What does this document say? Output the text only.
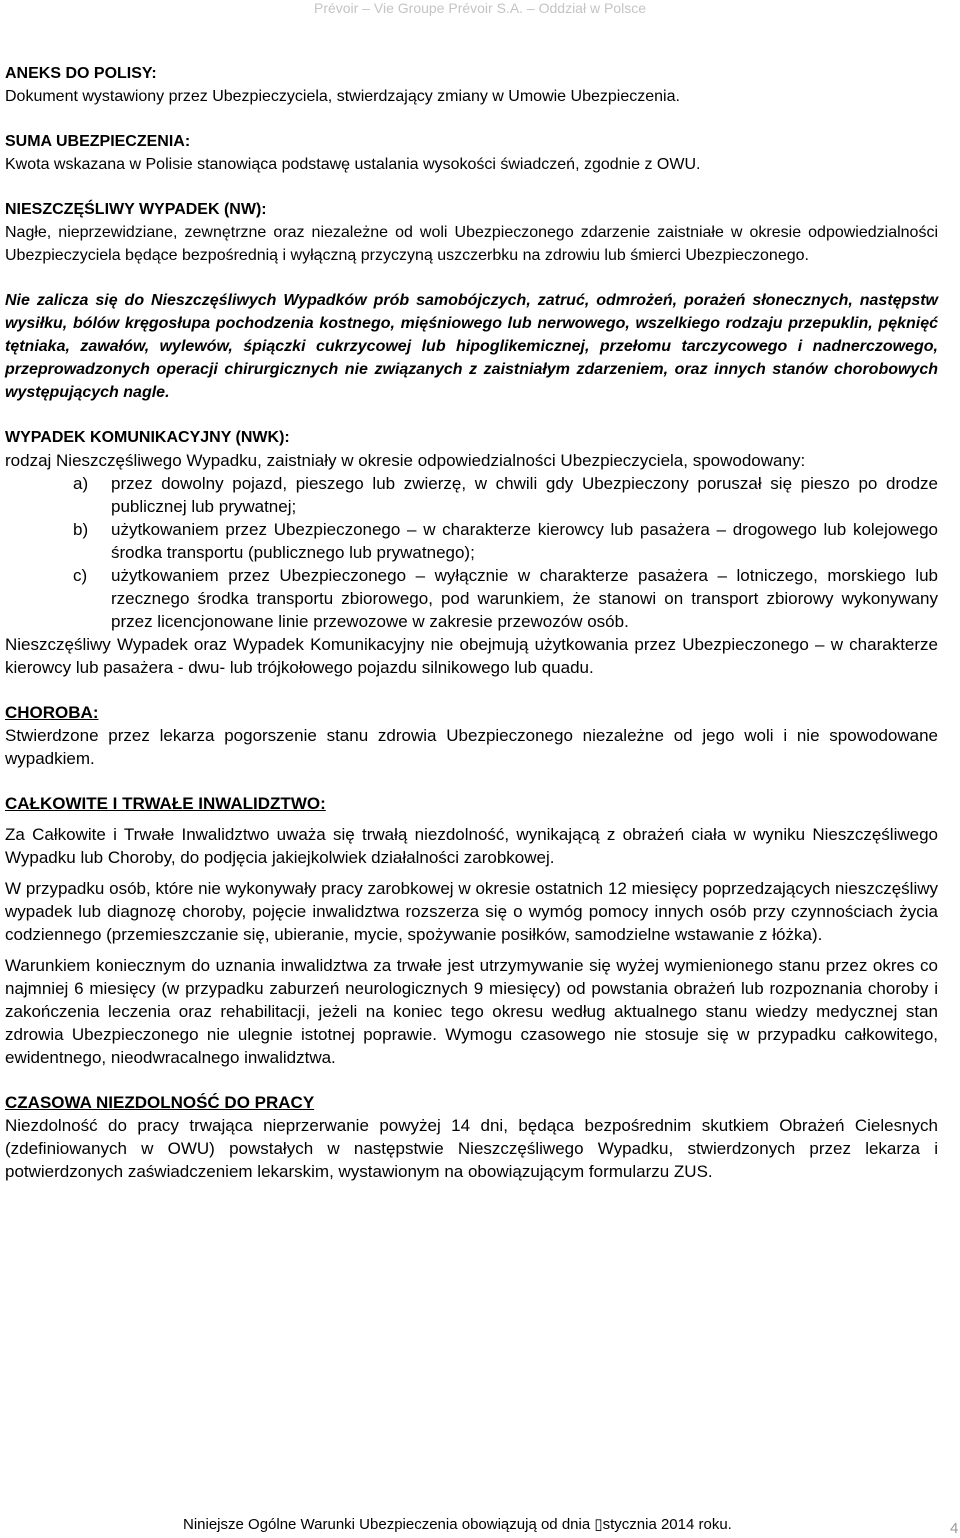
Prévoir – Vie Groupe Prévoir S.A. – Oddział w Polsce
ANEKS DO POLISY:

Dokument wystawiony przez Ubezpieczyciela, stwierdzający zmiany w Umowie Ubezpieczenia.

SUMA UBEZPIECZENIA:

Kwota wskazana w Polisie stanowiąca podstawę ustalania wysokości świadczeń, zgodnie z OWU.

NIESZCZĘŚLIWY WYPADEK (NW):

Nagłe, nieprzewidziane, zewnętrzne oraz niezależne od woli Ubezpieczonego zdarzenie zaistniałe w okresie odpowiedzialności Ubezpieczyciela będące bezpośrednią i wyłączną przyczyną uszczerbku na zdrowiu lub śmierci Ubezpieczonego.

Nie zalicza się do Nieszczęśliwych Wypadków prób samobójczych, zatruć, odmrożeń, porażeń słonecznych, następstw wysiłku, bólów kręgosłupa pochodzenia kostnego, mięśniowego lub nerwowego, wszelkiego rodzaju przepuklin, pęknięć tętniaka, zawałów, wylewów, śpiączki cukrzycowej lub hipoglikemicznej, przełomu tarczycowego i nadnerczowego, przeprowadzonych operacji chirurgicznych nie związanych z zaistniałym zdarzeniem, oraz innych stanów chorobowych występujących nagle.

WYPADEK KOMUNIKACYJNY (NWK):

rodzaj Nieszczęśliwego Wypadku, zaistniały w okresie odpowiedzialności Ubezpieczyciela, spowodowany:

a) przez dowolny pojazd, pieszego lub zwierzę, w chwili gdy Ubezpieczony poruszał się pieszo po drodze publicznej lub prywatnej;
b) użytkowaniem przez Ubezpieczonego – w charakterze kierowcy lub pasażera – drogowego lub kolejowego środka transportu (publicznego lub prywatnego);
c) użytkowaniem przez Ubezpieczonego – wyłącznie w charakterze pasażera – lotniczego, morskiego lub rzecznego środka transportu zbiorowego, pod warunkiem, że stanowi on transport zbiorowy wykonywany przez licencjonowane linie przewozowe w zakresie przewozów osób.

Nieszczęśliwy Wypadek oraz Wypadek Komunikacyjny nie obejmują użytkowania przez Ubezpieczonego – w charakterze kierowcy lub pasażera - dwu- lub trójkołowego pojazdu silnikowego lub quadu.

CHOROBA:

Stwierdzone przez lekarza pogorszenie stanu zdrowia Ubezpieczonego niezależne od jego woli i nie spowodowane wypadkiem.

CAŁKOWITE I TRWAŁE INWALIDZTWO:

Za Całkowite i Trwałe Inwalidztwo uważa się trwałą niezdolność, wynikającą z obrażeń ciała w wyniku Nieszczęśliwego Wypadku lub Choroby, do podjęcia jakiejkolwiek działalności zarobkowej.

W przypadku osób, które nie wykonywały pracy zarobkowej w okresie ostatnich 12 miesięcy poprzedzających nieszczęśliwy wypadek lub diagnozę choroby, pojęcie inwalidztwa rozszerza się o wymóg pomocy innych osób przy czynnościach życia codziennego (przemieszczanie się, ubieranie, mycie, spożywanie posiłków, samodzielne wstawanie z łóżka).

Warunkiem koniecznym do uznania inwalidztwa za trwałe jest utrzymywanie się wyżej wymienionego stanu przez okres co najmniej 6 miesięcy (w przypadku zaburzeń neurologicznych 9 miesięcy) od powstania obrażeń lub rozpoznania choroby i zakończenia leczenia oraz rehabilitacji, jeżeli na koniec tego okresu według aktualnego stanu wiedzy medycznej stan zdrowia Ubezpieczonego nie ulegnie istotnej poprawie. Wymogu czasowego nie stosuje się w przypadku całkowitego, ewidentnego, nieodwracalnego inwalidztwa.

CZASOWA NIEZDOLNOŚĆ DO PRACY

Niezdolność do pracy trwająca nieprzerwanie powyżej 14 dni, będąca bezpośrednim skutkiem Obrażeń Cielesnych (zdefiniowanych w OWU) powstałych w następstwie Nieszczęśliwego Wypadku, stwierdzonych przez lekarza i potwierdzonych zaświadczeniem lekarskim, wystawionym na obowiązującym formularzu ZUS.

Niniejsze Ogólne Warunki Ubezpieczenia obowiązują od dnia ▯stycznia 2014 roku.	4
